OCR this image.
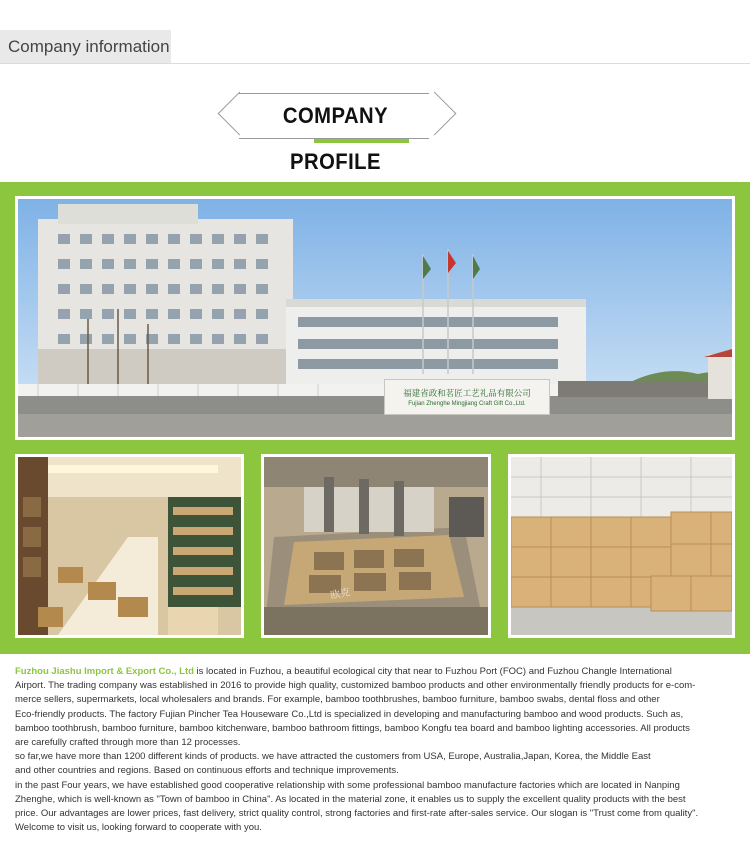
Company information
COMPANY PROFILE
福建省政和茗匠工艺礼品有限公司
Fujian Zhenghe Mingjiang Craft Gift Co.,Ltd.
欧克

Fuzhou Jiashu Import & Export Co., Ltd is located in Fuzhou, a beautiful ecological city that near to Fuzhou Port (FOC) and Fuzhou Changle International

Airport. The trading company was established in 2016 to provide high quality, customized bamboo products and other environmentally friendly products for e-com-

merce sellers, supermarkets, local wholesalers and brands. For example, bamboo toothbrushes, bamboo furniture, bamboo swabs, dental floss and other

Eco-friendly products. The factory Fujian Pincher Tea Houseware Co.,Ltd is specialized in developing and manufacturing bamboo and wood products. Such as,

bamboo toothbrush, bamboo furniture, bamboo kitchenware, bamboo bathroom fittings, bamboo Kongfu tea board and bamboo lighting accessories. All products

are carefully crafted through more than 12 processes.

so far,we have more than 1200 different kinds of products. we have attracted the customers from USA, Europe, Australia,Japan, Korea, the Middle East

and other countries and regions. Based on continuous efforts and technique improvements.

in the past Four years, we have established good cooperative relationship with some professional bamboo manufacture factories which are located in Nanping

Zhenghe, which is well-known as "Town of bamboo in China". As located in the material zone, it enables us to supply the excellent quality products with the best

price. Our advantages are lower prices, fast delivery, strict quality control, strong factories and first-rate after-sales service. Our slogan is "Trust come from quality".

Welcome to visit us, looking forward to cooperate with you.
